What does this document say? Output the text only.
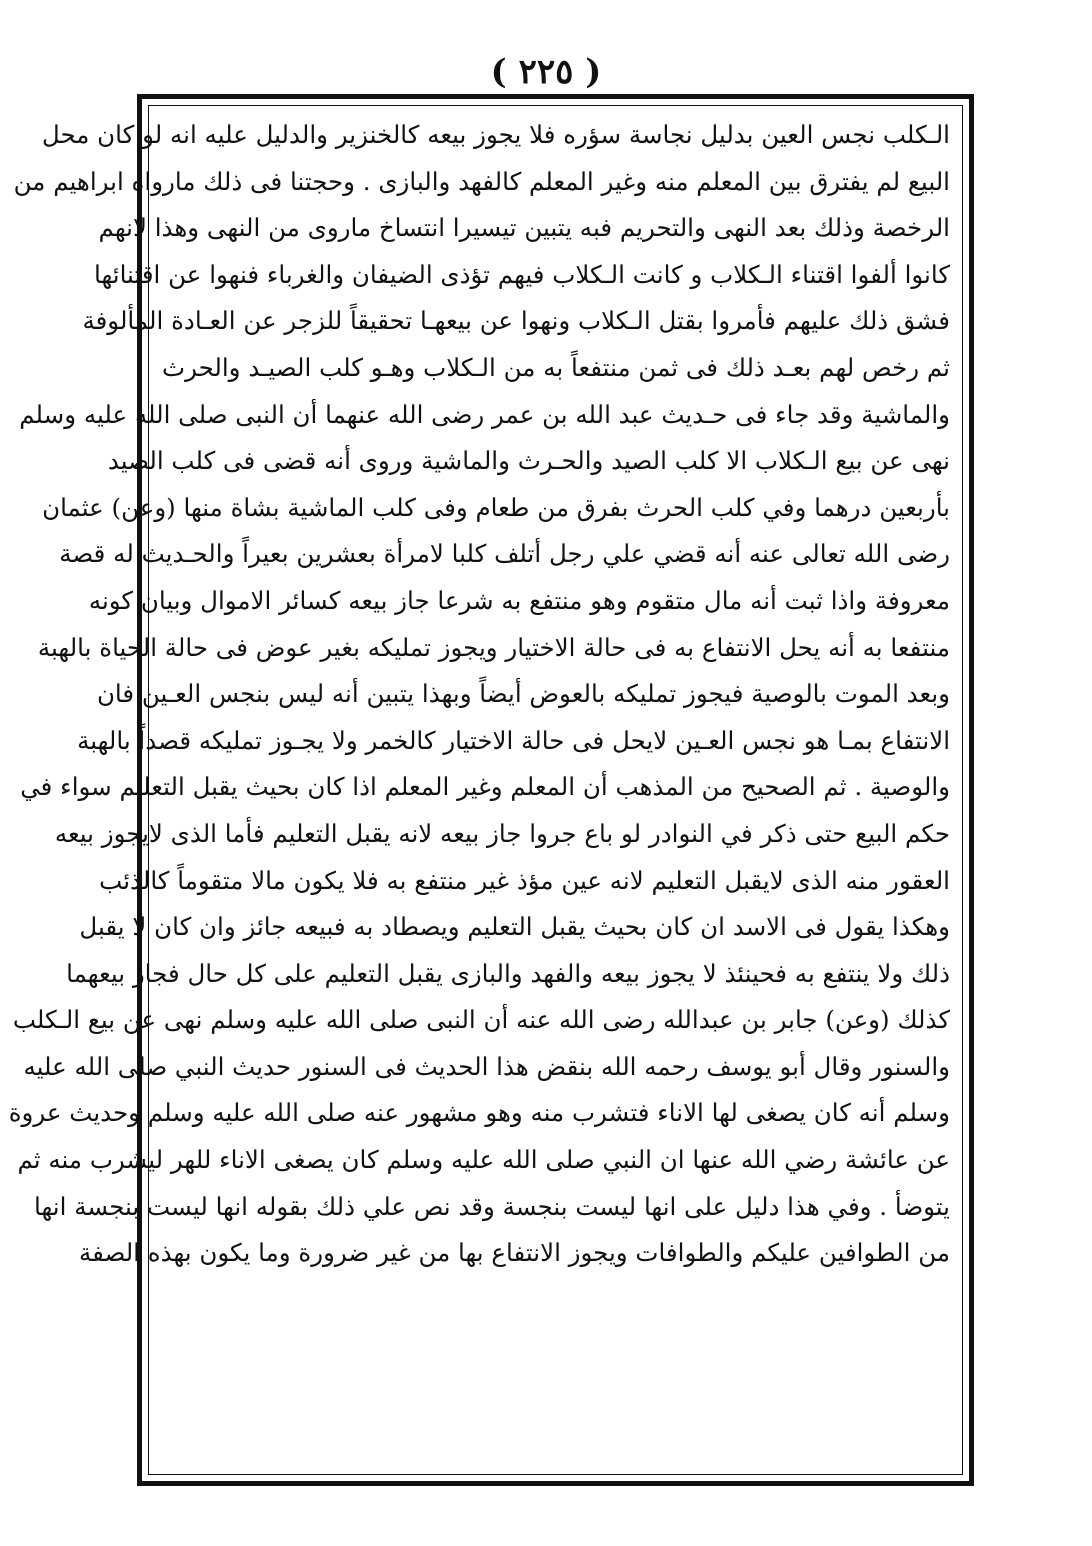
( ٢٢٥ )
الـكلب نجس العين بدليل نجاسة سؤره فلا يجوز بيعه كالخنزير والدليل عليه انه لو كان محل
البيع لم يفترق بين المعلم منه وغير المعلم كالفهد والبازى . وحجتنا فى ذلك مارواه ابراهيم من
الرخصة وذلك بعد النهى والتحريم فبه يتبين تيسيرا انتساخ ماروى من النهى وهذا لانهم
كانوا ألفوا اقتناء الـكلاب و كانت الـكلاب فيهم تؤذى الضيفان والغرباء فنهوا عن اقتنائها
فشق ذلك عليهم فأمروا بقتل الـكلاب ونهوا عن بيعهـا تحقيقاً للزجر عن العـادة المألوفة
ثم رخص لهم بعـد ذلك فى ثمن منتفعاً به من الـكلاب وهـو كلب الصيـد والحرث
والماشية وقد جاء فى حـديث عبد الله بن عمر رضى الله عنهما أن النبى صلى الله عليه وسلم
نهى عن بيع الـكلاب الا كلب الصيد والحـرث والماشية وروى أنه قضى فى كلب الصيد
بأربعين درهما وفي كلب الحرث بفرق من طعام وفى كلب الماشية بشاة منها (وعن) عثمان
رضى الله تعالى عنه أنه قضي علي رجل أتلف كلبا لامرأة بعشرين بعيراً والحـديث له قصة
معروفة واذا ثبت أنه مال متقوم وهو منتفع به شرعا جاز بيعه كسائر الاموال وبيان كونه
منتفعا به أنه يحل الانتفاع به فى حالة الاختيار ويجوز تمليكه بغير عوض فى حالة الحياة بالهبة
وبعد الموت بالوصية فيجوز تمليكه بالعوض أيضاً وبهذا يتبين أنه ليس بنجس العـين فان
الانتفاع بمـا هو نجس العـين لايحل فى حالة الاختيار كالخمر ولا يجـوز تمليكه قصداً بالهبة
والوصية . ثم الصحيح من المذهب أن المعلم وغير المعلم اذا كان بحيث يقبل التعليم سواء في
حكم البيع حتى ذكر في النوادر لو باع جروا جاز بيعه لانه يقبل التعليم فأما الذى لايجوز بيعه
العقور منه الذى لايقبل التعليم لانه عين مؤذ غير منتفع به فلا يكون مالا متقوماً كالذئب
وهكذا يقول فى الاسد ان كان بحيث يقبل التعليم ويصطاد به فبيعه جائز وان كان لا يقبل
ذلك ولا ينتفع به فحينئذ لا يجوز بيعه والفهد والبازى يقبل التعليم على كل حال فجاز بيعهما
كذلك (وعن) جابر بن عبدالله رضى الله عنه أن النبى صلى الله عليه وسلم نهى عن بيع الـكلب
والسنور وقال أبو يوسف رحمه الله بنقض هذا الحديث فى السنور حديث النبي صلى الله عليه
وسلم أنه كان يصغى لها الاناء فتشرب منه وهو مشهور عنه صلى الله عليه وسلم وحديث عروة
عن عائشة رضي الله عنها ان النبي صلى الله عليه وسلم كان يصغى الاناء للهر ليشرب منه ثم
يتوضأ . وفي هذا دليل على انها ليست بنجسة وقد نص علي ذلك بقوله انها ليست بنجسة انها
من الطوافين عليكم والطوافات ويجوز الانتفاع بها من غير ضرورة وما يكون بهذه الصفة
